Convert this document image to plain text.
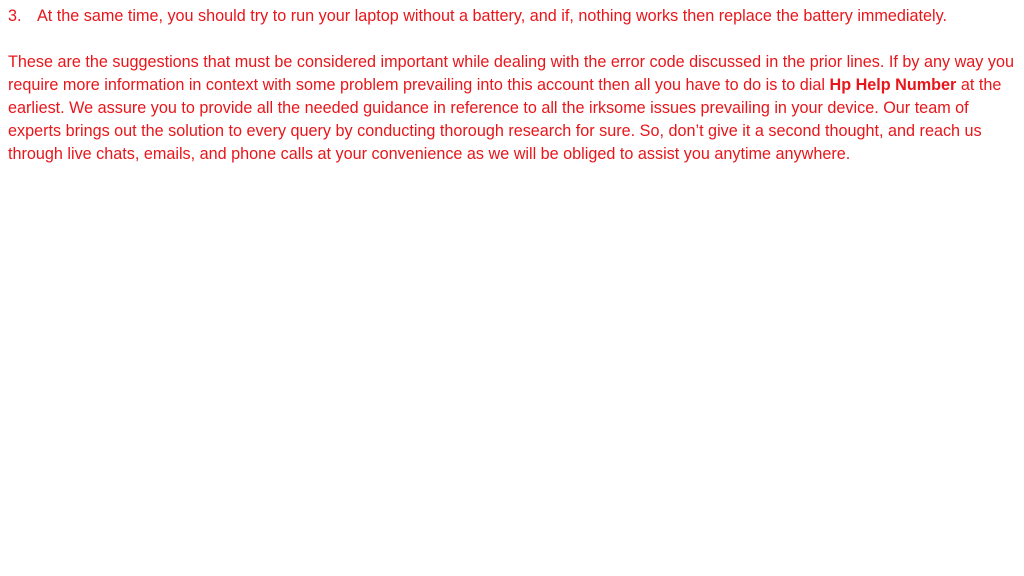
3. At the same time, you should try to run your laptop without a battery, and if, nothing works then replace the battery immediately.

These are the suggestions that must be considered important while dealing with the error code discussed in the prior lines. If by any way you require more information in context with some problem prevailing into this account then all you have to do is to dial Hp Help Number at the earliest. We assure you to provide all the needed guidance in reference to all the irksome issues prevailing in your device. Our team of experts brings out the solution to every query by conducting thorough research for sure. So, don’t give it a second thought, and reach us through live chats, emails, and phone calls at your convenience as we will be obliged to assist you anytime anywhere.
